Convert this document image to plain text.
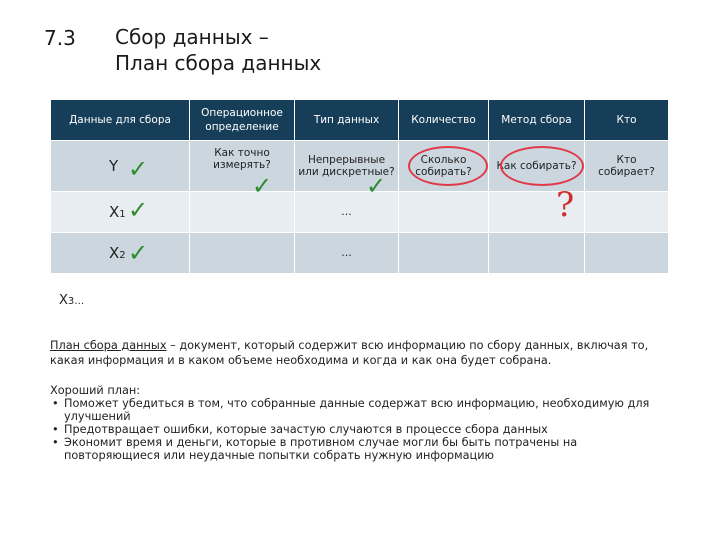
7.3 Сбор данных –
План сбора данных
Данные для сбора	Операционное определение	Тип данных	Количество	Метод сбора	Кто
Y	Как точно измерять?	Непрерывные или дискретные?	Сколько собирать?	Как собирать?	Кто собирает?
X1		…			
X2		…			
X3…					
✓
✓
✓
✓	✓	?
План сбора данных – документ, который содержит всю информацию по сбору данных, включая то, какая информация и в каком объеме необходима и когда и как она будет собрана.
Хороший план:
• Поможет убедиться в том, что собранные данные содержат всю информацию, необходимую для улучшений
• Предотвращает ошибки, которые зачастую случаются в процессе сбора данных
• Экономит время и деньги, которые в противном случае могли бы быть потрачены на повторяющиеся или неудачные попытки собрать нужную информацию
